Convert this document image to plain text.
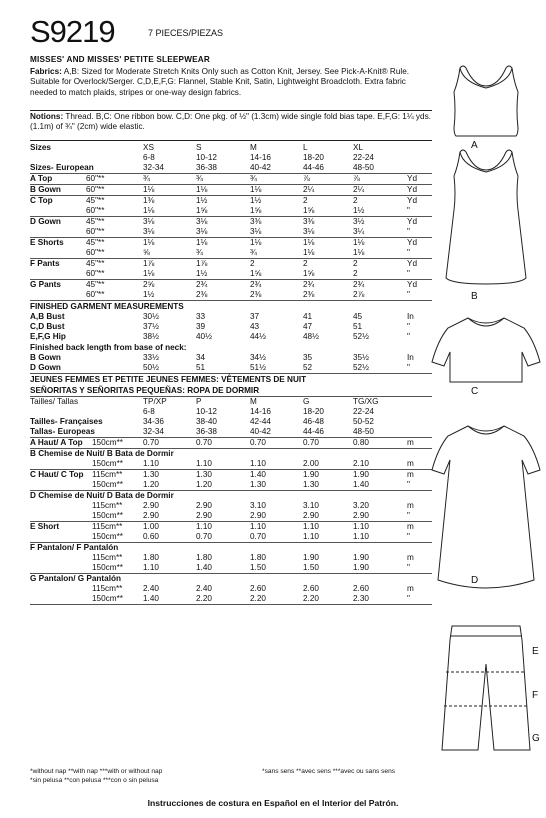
S9219	7 PIECES/PIEZAS
MISSES' AND MISSES' PETITE SLEEPWEAR
Fabrics: A,B: Sized for Moderate Stretch Knits Only such as Cotton Knit, Jersey. See Pick-A-Knit® Rule. Suitable for Overlock/Serger. C,D,E,F,G: Flannel, Stable Knit, Satin, Lightweight Broadcloth. Extra fabric needed to match plaids, stripes or one-way design fabrics.
Notions: Thread. B,C: One ribbon bow. C,D: One pkg. of ½" (1.3cm) wide single fold bias tape. E,F,G: 1¼ yds. (1.1m) of ¾" (2cm) wide elastic.
Sizes	XS	S	M	L	XL
6-8	10-12	14-16	18-20	22-24
Sizes- European	32-34	36-38	40-42	44-46	48-50
A Top	60"**	¾	¾	¾	⅞	⅞	Yd
B Gown	60"**	1⅛	1⅛	1⅛	2¼	2¼	Yd
C Top	45"**	1⅜	1½	1½	2	2	Yd
60"**	1⅛	1⅝	1⅝	1⅝	1½	"
D Gown	45"**	3⅛	3⅛	3⅜	3⅜	3½	Yd
60"**	3⅛	3⅛	3⅛	3⅛	3¼	"
E Shorts	45"**	1⅛	1⅛	1⅛	1⅛	1⅛	Yd
60"**	⅝	¾	¾	1⅛	1⅛	"
F Pants	45"**	1⅞	1⅞	2	2	2	Yd
60"**	1⅛	1½	1⅝	1⅝	2	"
G Pants	45"**	2⅝	2¾	2¾	2¾	2¾	Yd
60"**	1½	2⅜	2⅜	2⅜	2⅞	"
FINISHED GARMENT MEASUREMENTS
A,B Bust	30½	33	37	41	45	In
C,D Bust	37½	39	43	47	51	"
E,F,G Hip	38½	40½	44½	48½	52½	"
Finished back length from base of neck:
B Gown	33½	34	34½	35	35½	In
D Gown	50½	51	51½	52	52½	"
JEUNES FEMMES ET PETITE JEUNES FEMMES: VÊTEMENTS DE NUIT
SEÑORITAS Y SEÑORITAS PEQUEÑAS: ROPA DE DORMIR
Tailles/ Tallas	TP/XP	P	M	G	TG/XG
6-8	10-12	14-16	18-20	22-24
Tailles- Françaises	34-36	38-40	42-44	46-48	50-52
Tallas- Europeas	32-34	36-38	40-42	44-46	48-50
A Haut/ A Top 150cm** 0.70	0.70	0.70	0.70	0.80	m
B Chemise de Nuit/ B Bata de Dormir
150cm** 1.10	1.10	1.10	2.00	2.10	m
C Haut/ C Top 115cm**	1.30	1.30	1.40	1.90	1.90	m
150cm** 1.20	1.20	1.30	1.30	1.40	"
D Chemise de Nuit/ D Bata de Dormir
115cm**	2.90	2.90	3.10	3.10	3.20	m
150cm** 2.90	2.90	2.90	2.90	2.90	"
E Short	115cm**	1.00	1.10	1.10	1.10	1.10	m
150cm** 0.60	0.70	0.70	1.10	1.10	"
F Pantalon/ F Pantalón
115cm**	1.80	1.80	1.80	1.90	1.90	m
150cm** 1.10	1.40	1.50	1.50	1.90	"
G Pantalon/ G Pantalón
115cm**	2.40	2.40	2.60	2.60	2.60	m
150cm** 1.40	2.20	2.20	2.20	2.30	"
*without nap **with nap ***with or without nap
*sin pelusa **con pelusa ***con o sin pelusa
*sans sens **avec sens ***avec ou sans sens
Instrucciones de costura en Español en el Interior del Patrón.
A
B
C
D
E
F
G
